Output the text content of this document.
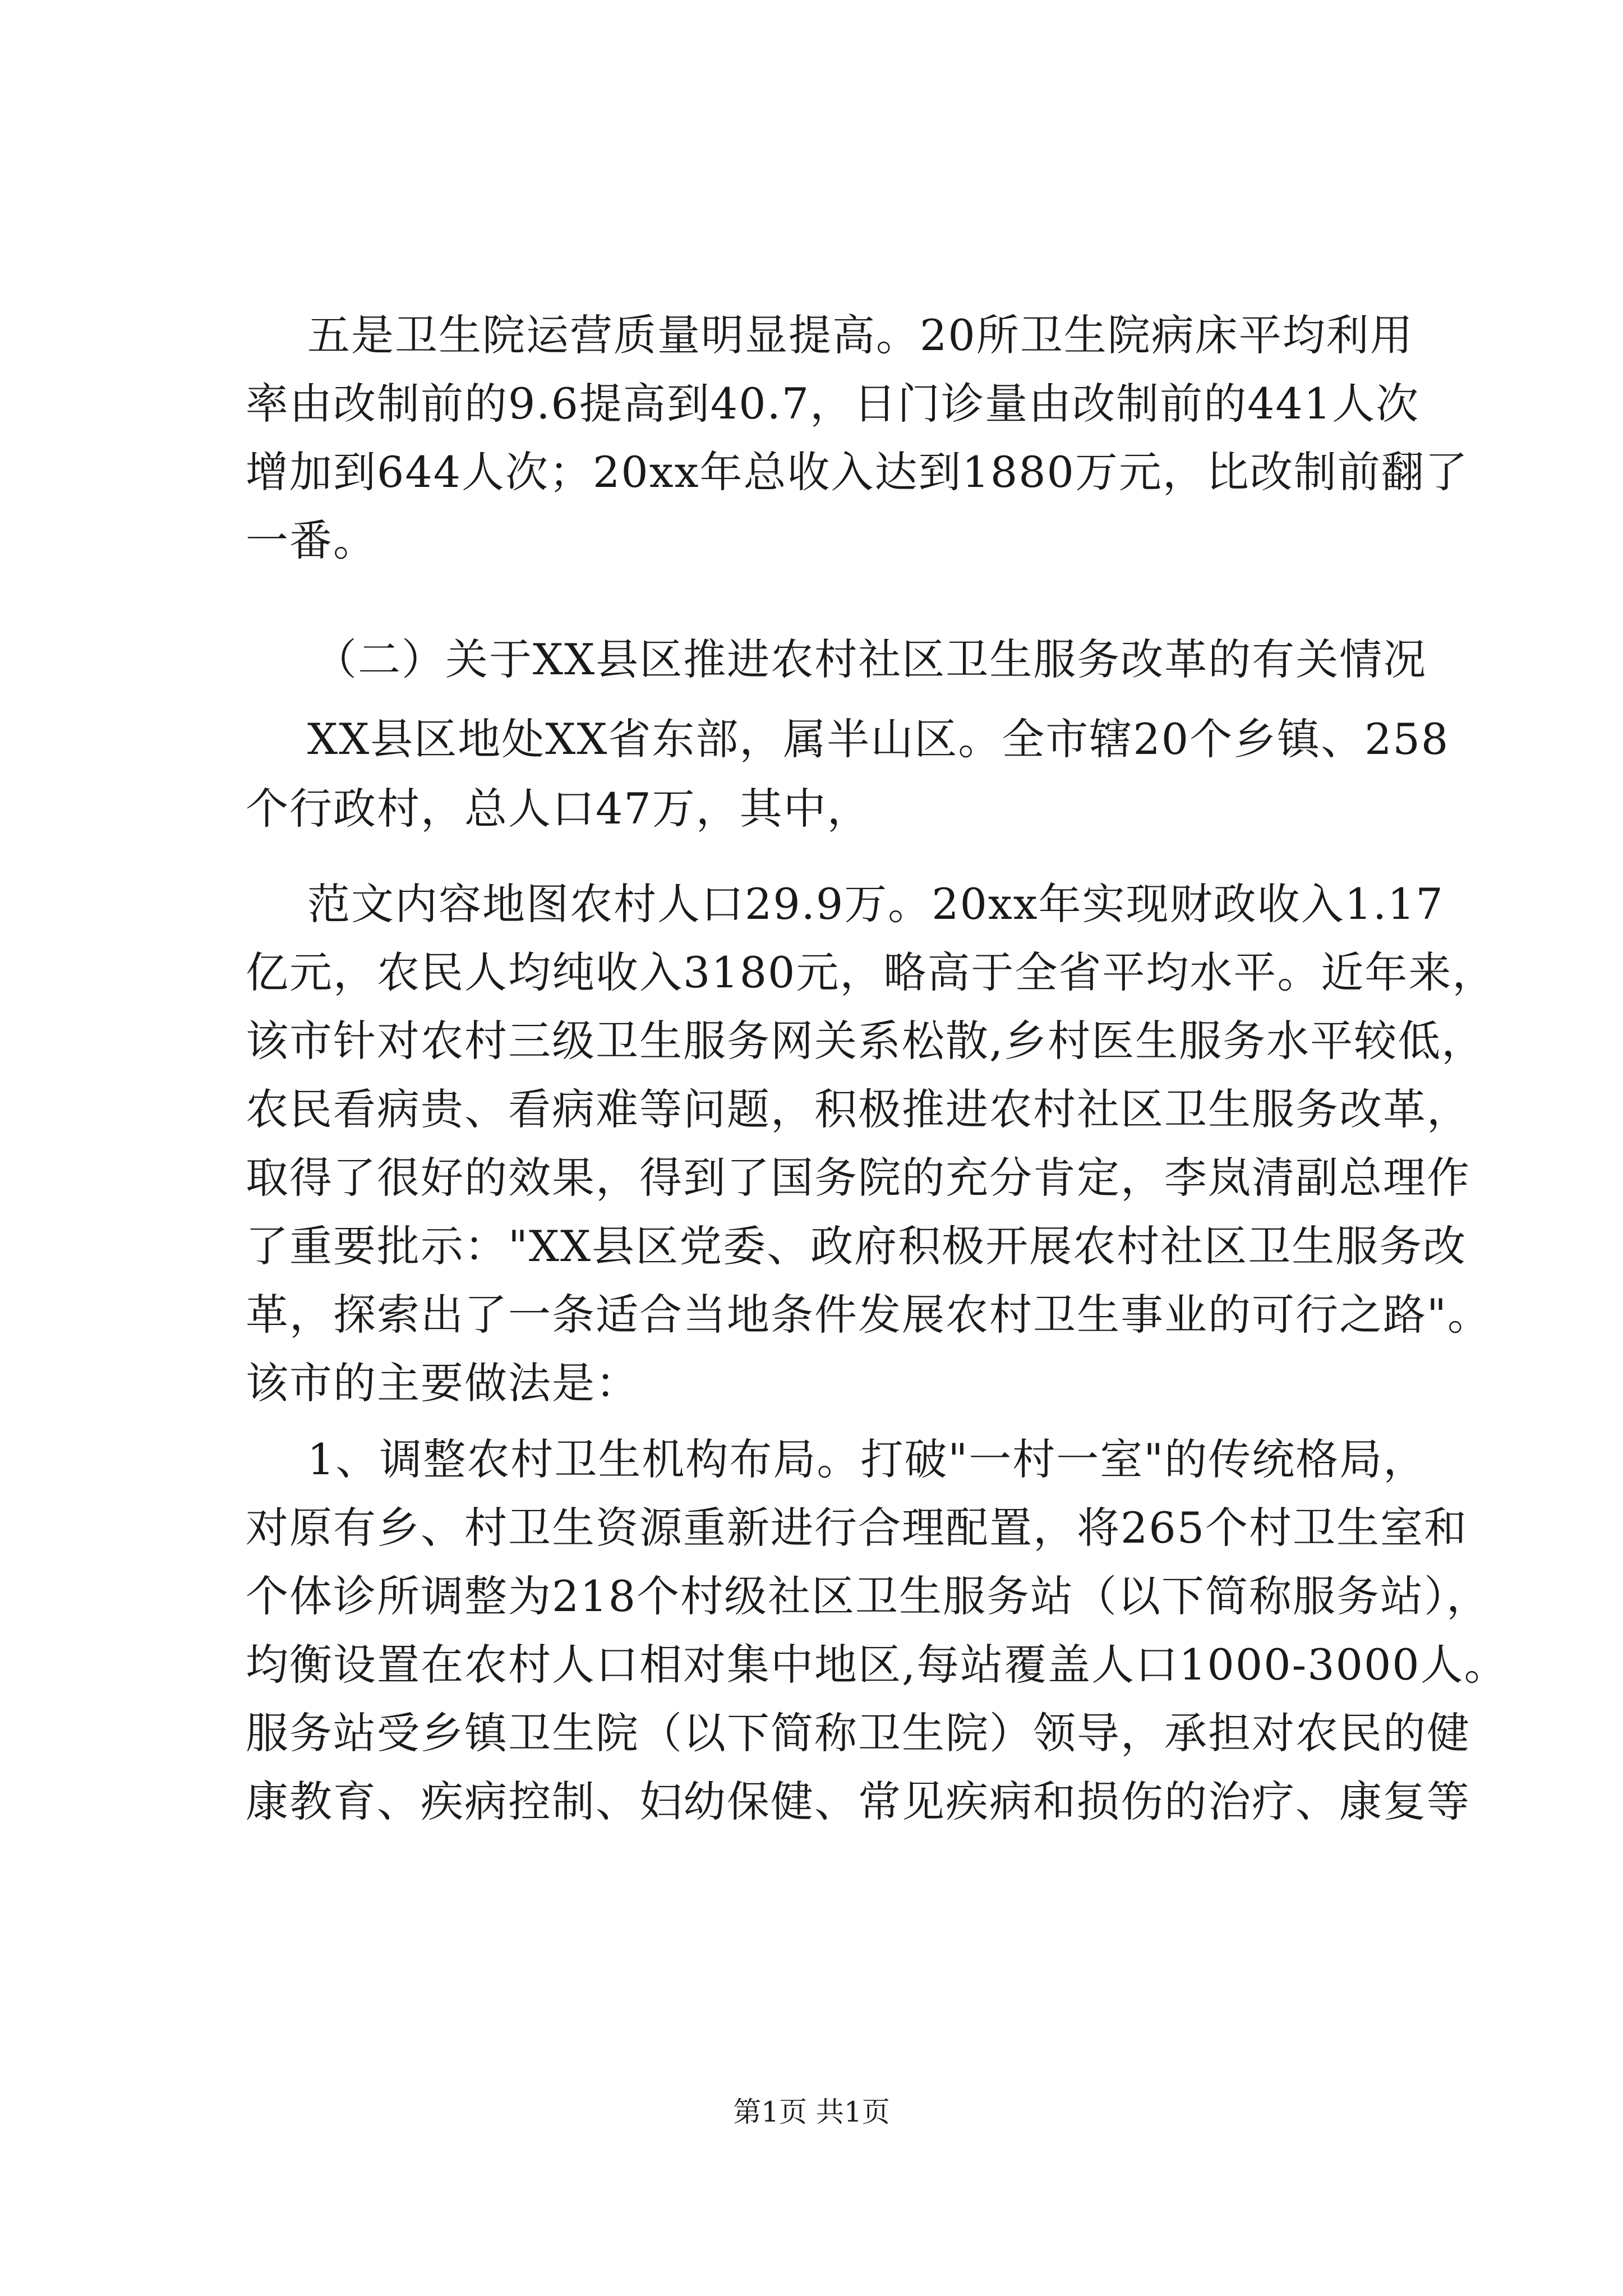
五是卫生院运营质量明显提高。20所卫生院病床平均利用
率由改制前的9.6提高到40.7，日门诊量由改制前的441人次
增加到644人次；20xx年总收入达到1880万元，比改制前翻了
一番。
（二）关于XX县区推进农村社区卫生服务改革的有关情况
XX县区地处XX省东部，属半山区。全市辖20个乡镇、258
个行政村，总人口47万，其中，
范文内容地图农村人口29.9万。20xx年实现财政收入1.17
亿元，农民人均纯收入3180元，略高于全省平均水平。近年来，
该市针对农村三级卫生服务网关系松散,乡村医生服务水平较低，
农民看病贵、看病难等问题，积极推进农村社区卫生服务改革，
取得了很好的效果，得到了国务院的充分肯定，李岚清副总理作
了重要批示："XX县区党委、政府积极开展农村社区卫生服务改
革，探索出了一条适合当地条件发展农村卫生事业的可行之路"。
该市的主要做法是：
1、调整农村卫生机构布局。打破"一村一室"的传统格局，
对原有乡、村卫生资源重新进行合理配置，将265个村卫生室和
个体诊所调整为218个村级社区卫生服务站（以下简称服务站），
均衡设置在农村人口相对集中地区,每站覆盖人口1000-3000人。
服务站受乡镇卫生院（以下简称卫生院）领导，承担对农民的健
康教育、疾病控制、妇幼保健、常见疾病和损伤的治疗、康复等
第1页 共1页
